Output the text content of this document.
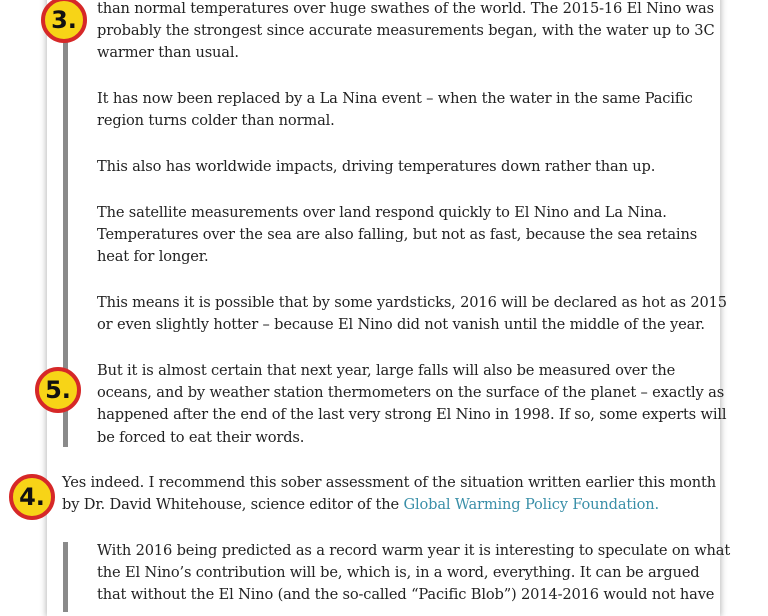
than normal temperatures over huge swathes of the world. The 2015-16 El Nino was
probably the strongest since accurate measurements began, with the water up to 3C
warmer than usual.

It has now been replaced by a La Nina event – when the water in the same Pacific
region turns colder than normal.

This also has worldwide impacts, driving temperatures down rather than up.

The satellite measurements over land respond quickly to El Nino and La Nina.
Temperatures over the sea are also falling, but not as fast, because the sea retains
heat for longer.

This means it is possible that by some yardsticks, 2016 will be declared as hot as 2015
or even slightly hotter – because El Nino did not vanish until the middle of the year.

But it is almost certain that next year, large falls will also be measured over the
oceans, and by weather station thermometers on the surface of the planet – exactly as
happened after the end of the last very strong El Nino in 1998. If so, some experts will
be forced to eat their words.

Yes indeed. I recommend this sober assessment of the situation written earlier this month
by Dr. David Whitehouse, science editor of the Global Warming Policy Foundation.

With 2016 being predicted as a record warm year it is interesting to speculate on what
the El Nino’s contribution will be, which is, in a word, everything. It can be argued
that without the El Nino (and the so-called “Pacific Blob”) 2014-2016 would not have

3.
5.
4.
